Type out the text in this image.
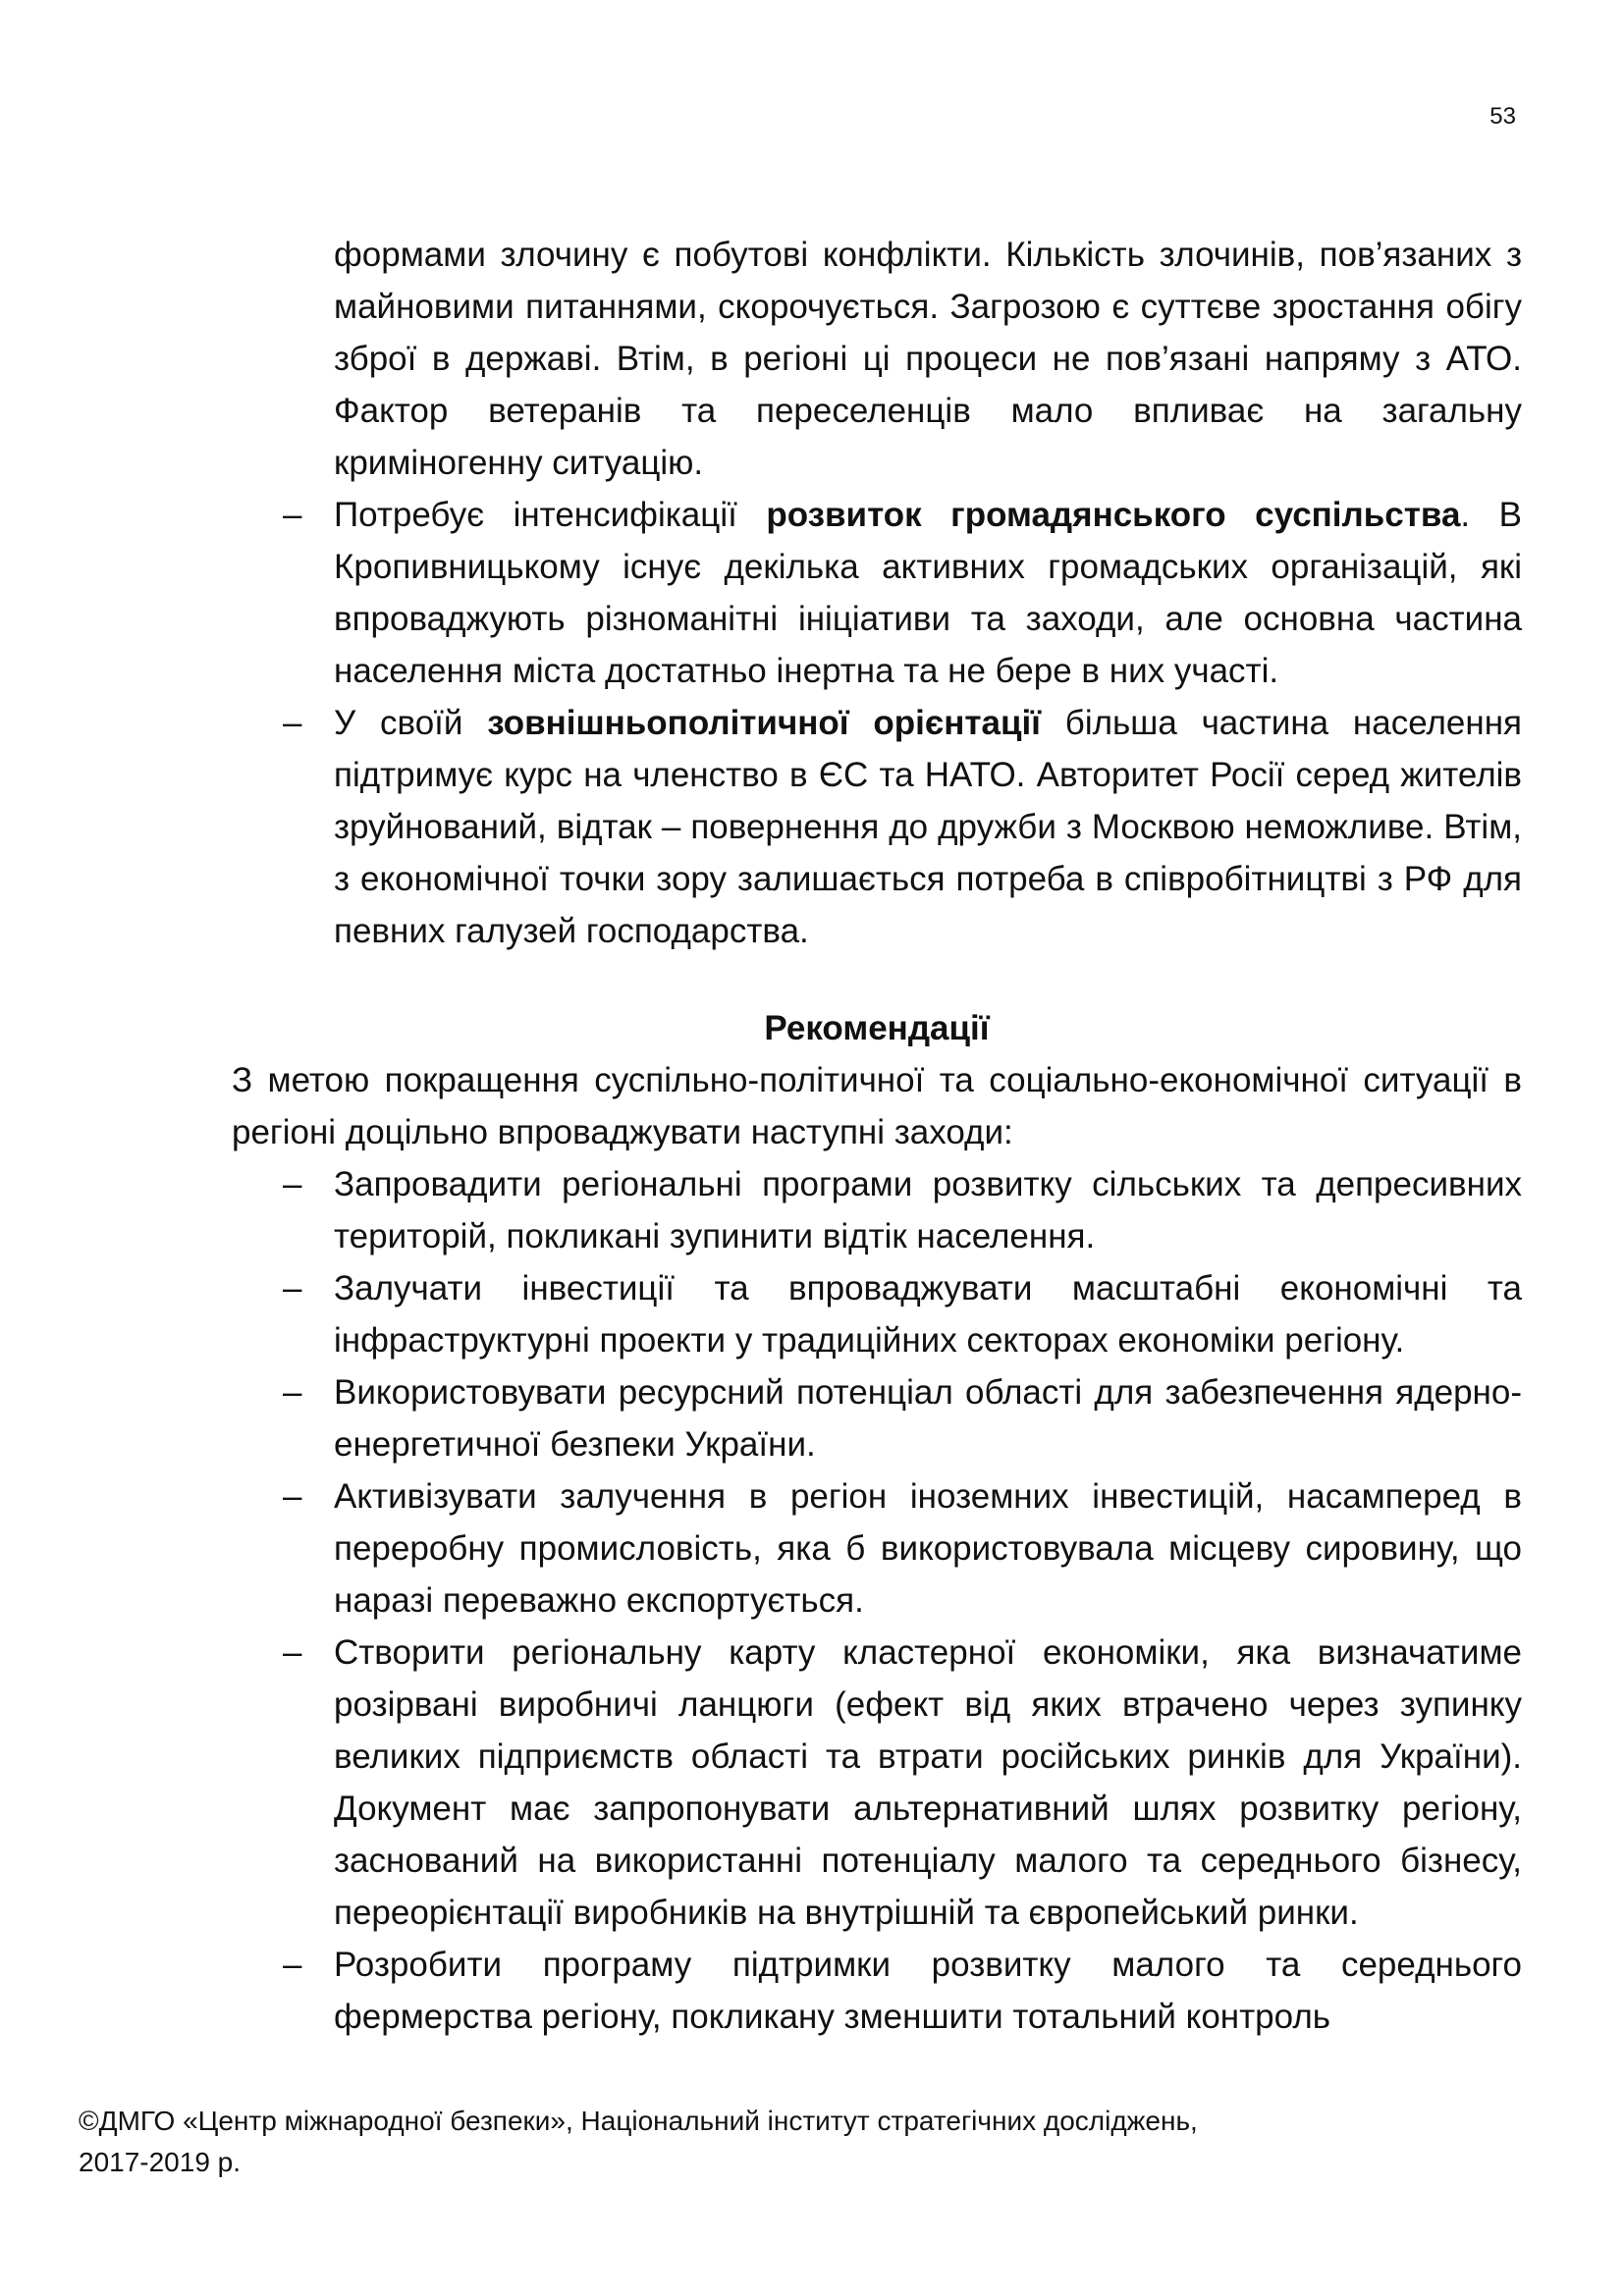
53

формами злочину є побутові конфлікти. Кількість злочинів, пов’язаних з майновими питаннями, скорочується. Загрозою є суттєве зростання обігу зброї в державі. Втім, в регіоні ці процеси не пов’язані напряму з АТО. Фактор ветеранів та переселенців мало впливає на загальну криміногенну ситуацію.

– Потребує інтенсифікації розвиток громадянського суспільства. В Кропивницькому існує декілька активних громадських організацій, які впроваджують різноманітні ініціативи та заходи, але основна частина населення міста достатньо інертна та не бере в них участі.
– У своїй зовнішньополітичної орієнтації більша частина населення підтримує курс на членство в ЄС та НАТО. Авторитет Росії серед жителів зруйнований, відтак – повернення до дружби з Москвою неможливе. Втім, з економічної точки зору залишається потреба в співробітництві з РФ для певних галузей господарства.
Рекомендації

З метою покращення суспільно-політичної та соціально-економічної ситуації в регіоні доцільно впроваджувати наступні заходи:

– Запровадити регіональні програми розвитку сільських та депресивних територій, покликані зупинити відтік населення.
– Залучати інвестиції та впроваджувати масштабні економічні та інфраструктурні проекти у традиційних секторах економіки регіону.
– Використовувати ресурсний потенціал області для забезпечення ядерно-енергетичної безпеки України.
– Активізувати залучення в регіон іноземних інвестицій, насамперед в переробну промисловість, яка б використовувала місцеву сировину, що наразі переважно експортується.
– Створити регіональну карту кластерної економіки, яка визначатиме розірвані виробничі ланцюги (ефект від яких втрачено через зупинку великих підприємств області та втрати російських ринків для України). Документ має запропонувати альтернативний шлях розвитку регіону, заснований на використанні потенціалу малого та середнього бізнесу, переорієнтації виробників на внутрішній та європейський ринки.
– Розробити програму підтримки розвитку малого та середнього фермерства регіону, покликану зменшити тотальний контроль
©ДМГО «Центр міжнародної безпеки», Національний інститут стратегічних досліджень,
2017-2019 р.
